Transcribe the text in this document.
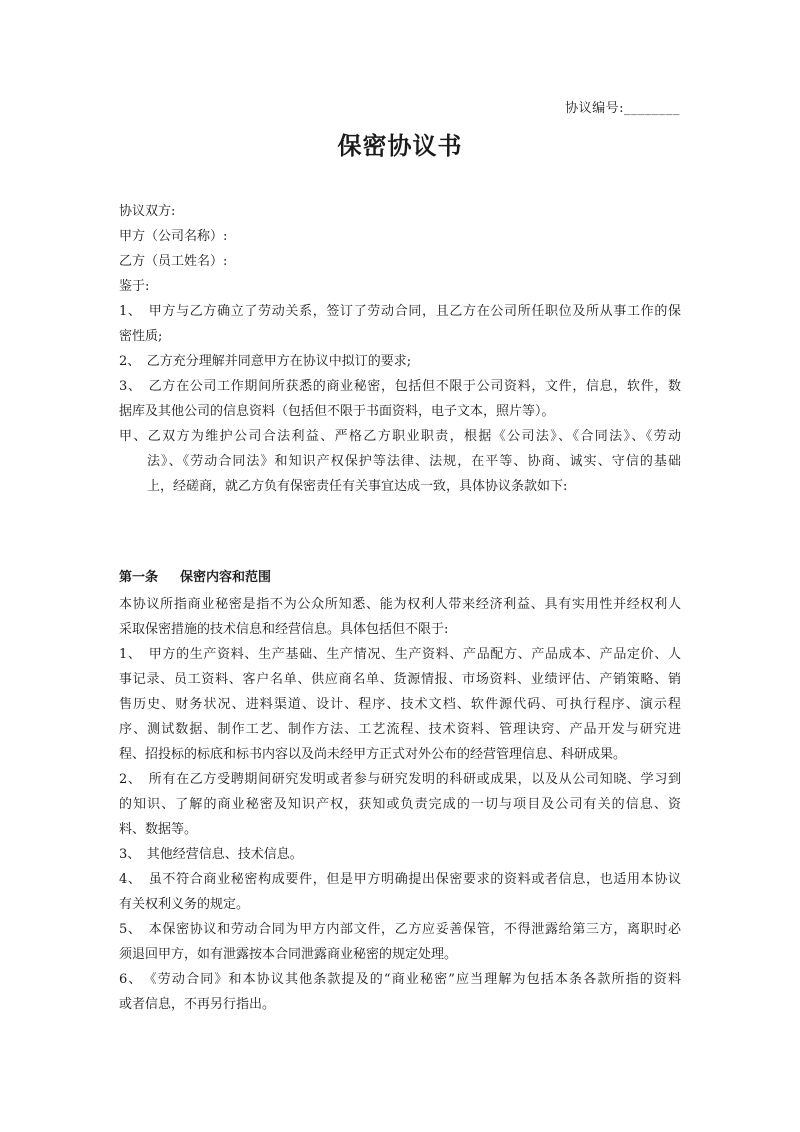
协议编号:________
保密协议书
协议双方:
甲方（公司名称）:
乙方（员工姓名）:
鉴于:
1、　甲方与乙方确立了劳动关系，签订了劳动合同，且乙方在公司所任职位及所从事工作的保
密性质;
2、　乙方充分理解并同意甲方在协议中拟订的要求;
3、　乙方在公司工作期间所获悉的商业秘密，包括但不限于公司资料，文件，信息，软件，数
据库及其他公司的信息资料（包括但不限于书面资料，电子文本，照片等）。
甲、乙双方为维护公司合法利益、严格乙方职业职责，根据《公司法》、《合同法》、《劳动
法》、《劳动合同法》和知识产权保护等法律、法规，在平等、协商、诚实、守信的基础
上，经磋商，就乙方负有保密责任有关事宜达成一致，具体协议条款如下:
第一条 保密内容和范围
本协议所指商业秘密是指不为公众所知悉、能为权利人带来经济利益、具有实用性并经权利人
采取保密措施的技术信息和经营信息。具体包括但不限于:
1、　甲方的生产资料、生产基础、生产情况、生产资料、产品配方、产品成本、产品定价、人
事记录、员工资料、客户名单、供应商名单、货源情报、市场资料、业绩评估、产销策略、销
售历史、财务状况、进料渠道、设计、程序、技术文档、软件源代码、可执行程序、演示程
序、测试数据、制作工艺、制作方法、工艺流程、技术资料、管理诀窍、产品开发与研究进
程、招投标的标底和标书内容以及尚未经甲方正式对外公布的经营管理信息、科研成果。
2、　所有在乙方受聘期间研究发明或者参与研究发明的科研或成果，以及从公司知晓、学习到
的知识、了解的商业秘密及知识产权，获知或负责完成的一切与项目及公司有关的信息、资
料、数据等。
3、　其他经营信息、技术信息。
4、　虽不符合商业秘密构成要件，但是甲方明确提出保密要求的资料或者信息，也适用本协议
有关权利义务的规定。
5、　本保密协议和劳动合同为甲方内部文件，乙方应妥善保管，不得泄露给第三方，离职时必
须退回甲方，如有泄露按本合同泄露商业秘密的规定处理。
6、　《劳动合同》和本协议其他条款提及的“商业秘密”应当理解为包括本条各款所指的资料
或者信息，不再另行指出。
